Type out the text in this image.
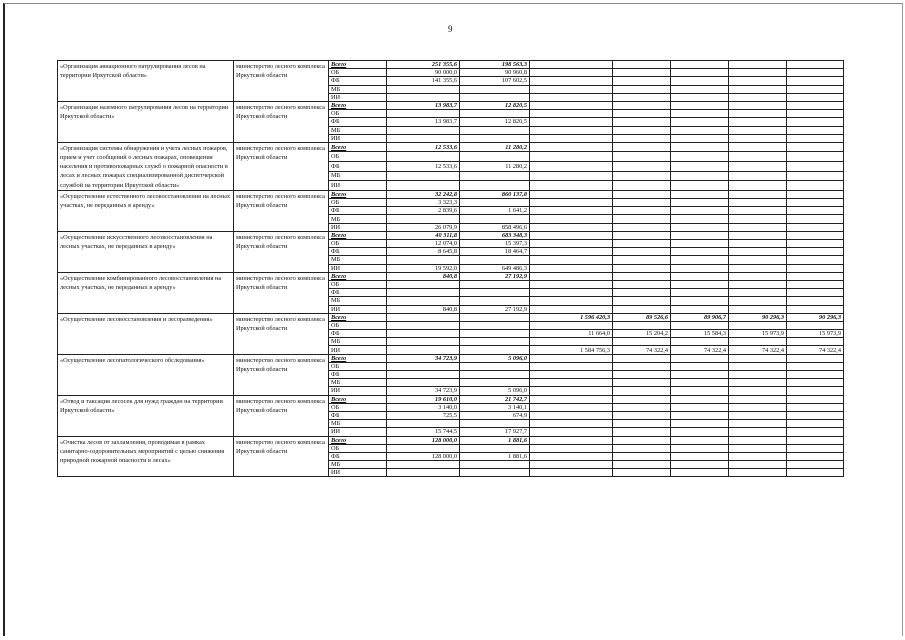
9
«Организация авиационного патрулирования лесов на территории Иркутской области»	министерство лесного комплекса Иркутской области	Всего	251 355,6	198 563,3					
		ОБ	90 000,0	90 960,8					
		ФБ	141 355,6	107 602,5					
		МБ							
		ИИ							
«Организация наземного патрулирования лесов на территории Иркутской области»	министерство лесного комплекса Иркутской области	Всего	13 983,7	12 820,5					
		ОБ							
		ФБ	13 983,7	12 820,5					
		МБ							
		ИИ							
«Организация системы обнаружения и учета лесных пожаров, прием и учет сообщений о лесных пожарах, оповещения населения и противопожарных служб о пожарной опасности в лесах и лесных пожарах специализированной диспетчерской службой на территории Иркутской области»	министерство лесного комплекса Иркутской области	Всего	12 533,6	11 280,2					
		ОБ							
		ФБ	12 533,6	11 280,2					
		МБ							
		ИИ							
«Осуществление естественного лесовосстановления на лесных участках, не переданных в аренду»	министерство лесного комплекса Иркутской области	Всего	32 242,8	860 137,8					
		ОБ	3 323,3						
		ФБ	2 839,6	1 641,2					
		МБ							
		ИИ	26 079,9	858 496,6					
«Осуществление искусственного лесовосстановления на лесных участках, не переданных в аренду»	министерство лесного комплекса Иркутской области	Всего	40 311,8	683 348,3					
		ОБ	12 074,0	15 397,3					
		ФБ	8 645,8	18 464,7					
		МБ							
		ИИ	19 592,0	649 486,3					
«Осуществление комбинированного лесовосстановления на лесных участках, не переданных в аренду»	министерство лесного комплекса Иркутской области	Всего	840,8	27 192,9					
		ОБ							
		ФБ							
		МБ							
		ИИ	840,8	27 192,9					
«Осуществление лесовосстановления и лесоразведения»	министерство лесного комплекса Иркутской области	Всего			1 596 420,3	89 526,6	89 906,7	90 296,3	90 296,3
		ОБ							
		ФБ			11 664,0	15 204,2	15 584,3	15 973,9	15 973,9
		МБ							
		ИИ			1 584 756,3	74 322,4	74 322,4	74 322,4	74 322,4
«Осуществление лесопатологического обследования»	министерство лесного комплекса Иркутской области	Всего	34 723,9	5 096,0					
		ОБ							
		ФБ							
		МБ							
		ИИ	34 723,9	5 096,0					
«Отвод и таксация лесосек для нужд граждан на территории Иркутской области»	министерство лесного комплекса Иркутской области	Всего	19 610,0	21 742,7					
		ОБ	3 140,0	3 140,1					
		ФБ	725,5	674,9					
		МБ							
		ИИ	15 744,5	17 927,7					
«Очистка лесов от захламления, проводимая в рамках санитарно-оздоровительных мероприятий с целью снижения природной пожарной опасности в лесах»	министерство лесного комплекса Иркутской области	Всего	128 000,0	1 881,6					
		ОБ							
		ФБ	128 000,0	1 881,6					
		МБ							
		ИИ							
